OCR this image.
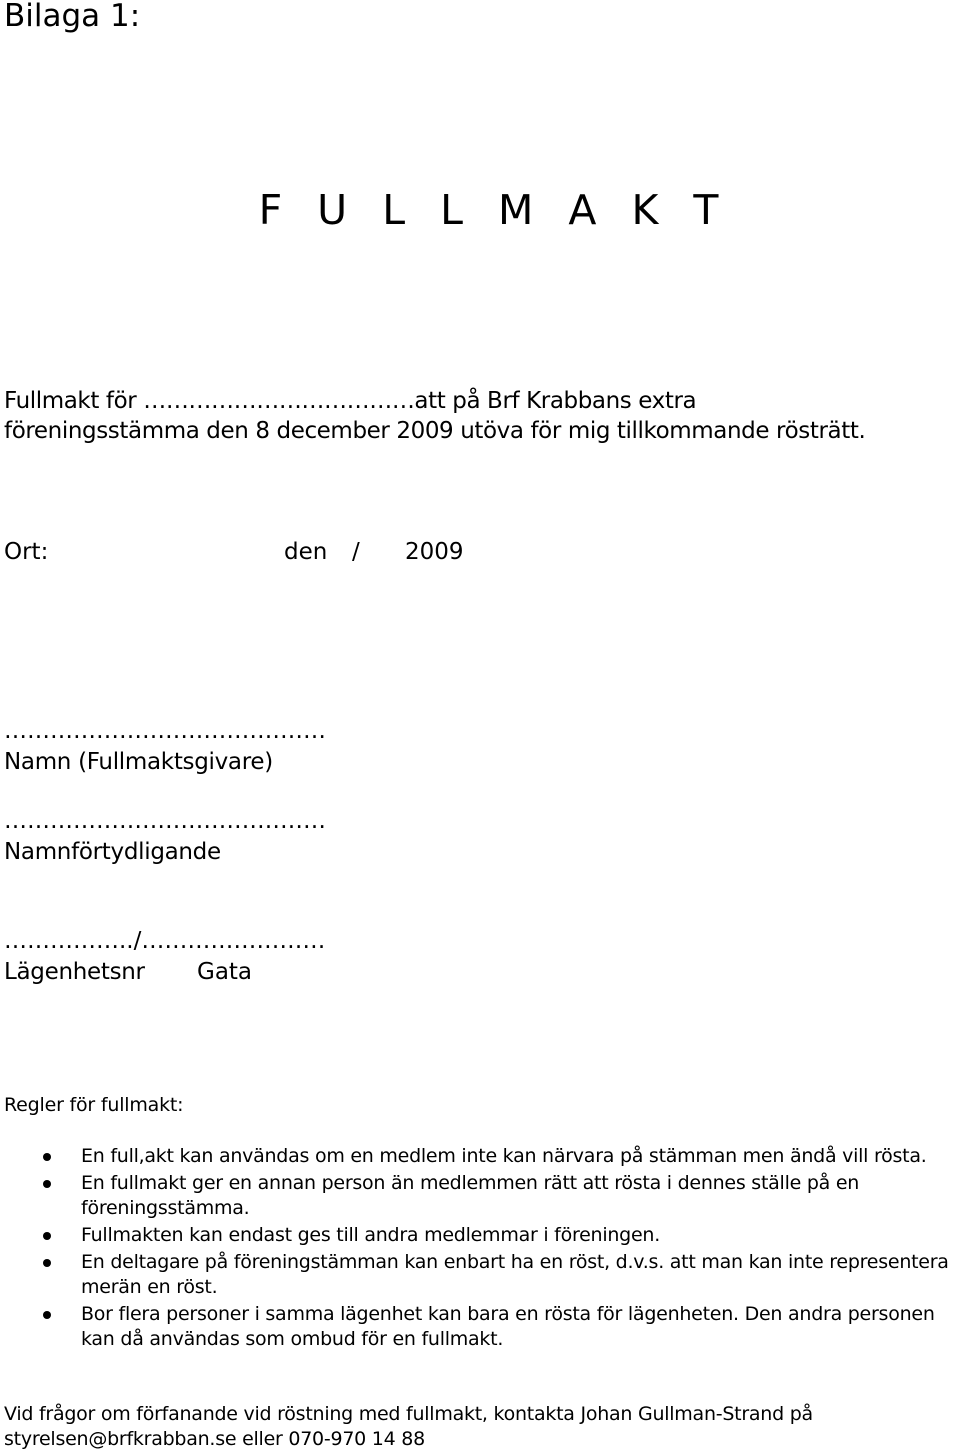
Bilaga 1:
F U L L M A K T
Fullmakt för ………………………………att på Brf Krabbans extra
föreningsstämma den 8 december 2009 utöva för mig tillkommande rösträtt.
Ort:	den / 2009
……………………………………
Namn (Fullmaktsgivare)
……………………………………
Namnförtydligande
……………../……………………
Lägenhetsnr Gata
Regler för fullmakt:
En full,akt kan användas om en medlem inte kan närvara på stämman men ändå vill rösta.
En fullmakt ger en annan person än medlemmen rätt att rösta i dennes ställe på en föreningsstämma.
Fullmakten kan endast ges till andra medlemmar i föreningen.
En deltagare på föreningstämman kan enbart ha en röst, d.v.s. att man kan inte representera merän en röst.
Bor flera personer i samma lägenhet kan bara en rösta för lägenheten. Den andra personen kan då användas som ombud för en fullmakt.
Vid frågor om förfanande vid röstning med fullmakt, kontakta Johan Gullman-Strand på
styrelsen@brfkrabban.se eller 070-970 14 88
